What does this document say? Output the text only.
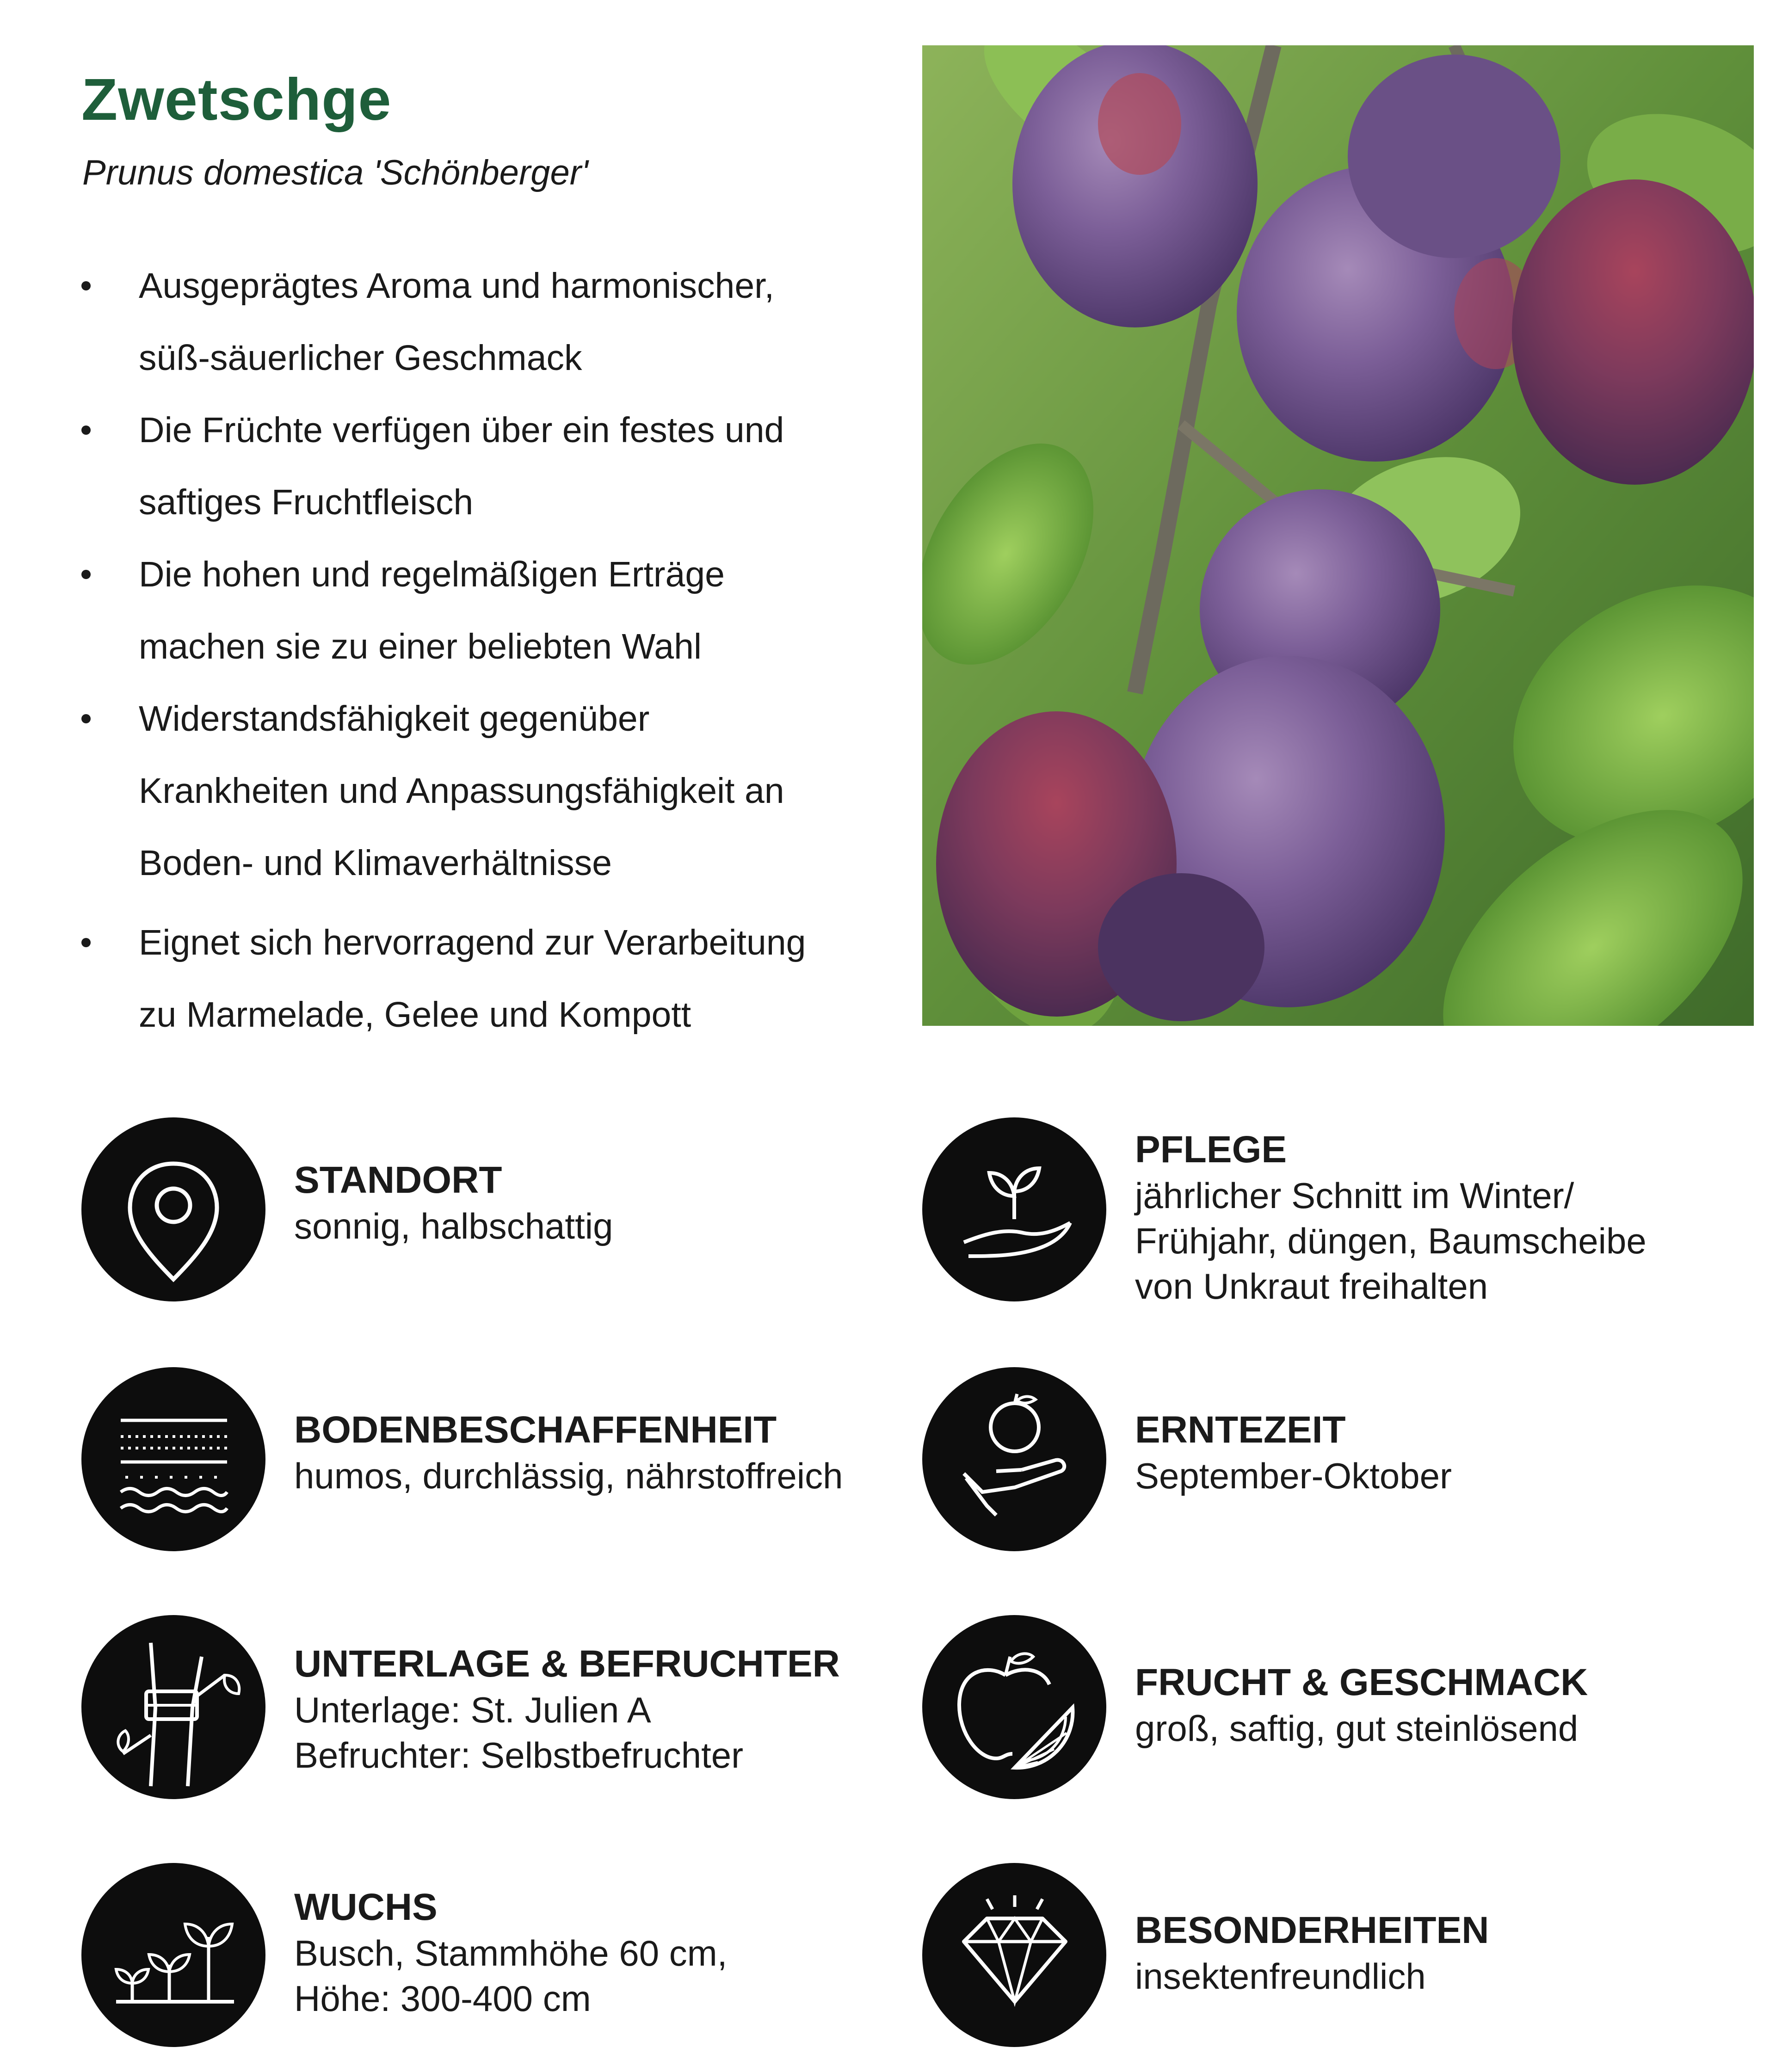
Zwetschge

Prunus domestica 'Schönberger'

Ausgeprägtes Aroma und harmonischer,
süß-säuerlicher Geschmack
Die Früchte verfügen über ein festes und
saftiges Fruchtfleisch
Die hohen und regelmäßigen Erträge
machen sie zu einer beliebten Wahl
Widerstandsfähigkeit gegenüber
Krankheiten und Anpassungsfähigkeit an
Boden- und Klimaverhältnisse
Eignet sich hervorragend zur Verarbeitung
zu Marmelade, Gelee und Kompott

STANDORT

sonnig, halbschattig

PFLEGE

jährlicher Schnitt im Winter/
Frühjahr, düngen, Baumscheibe
von Unkraut freihalten

BODENBESCHAFFENHEIT

humos, durchlässig, nährstoffreich

ERNTEZEIT

September-Oktober

UNTERLAGE & BEFRUCHTER

Unterlage: St. Julien A
Befruchter: Selbstbefruchter

FRUCHT & GESCHMACK

groß, saftig, gut steinlösend

WUCHS

Busch, Stammhöhe 60 cm,
Höhe: 300-400 cm

BESONDERHEITEN

insektenfreundlich
